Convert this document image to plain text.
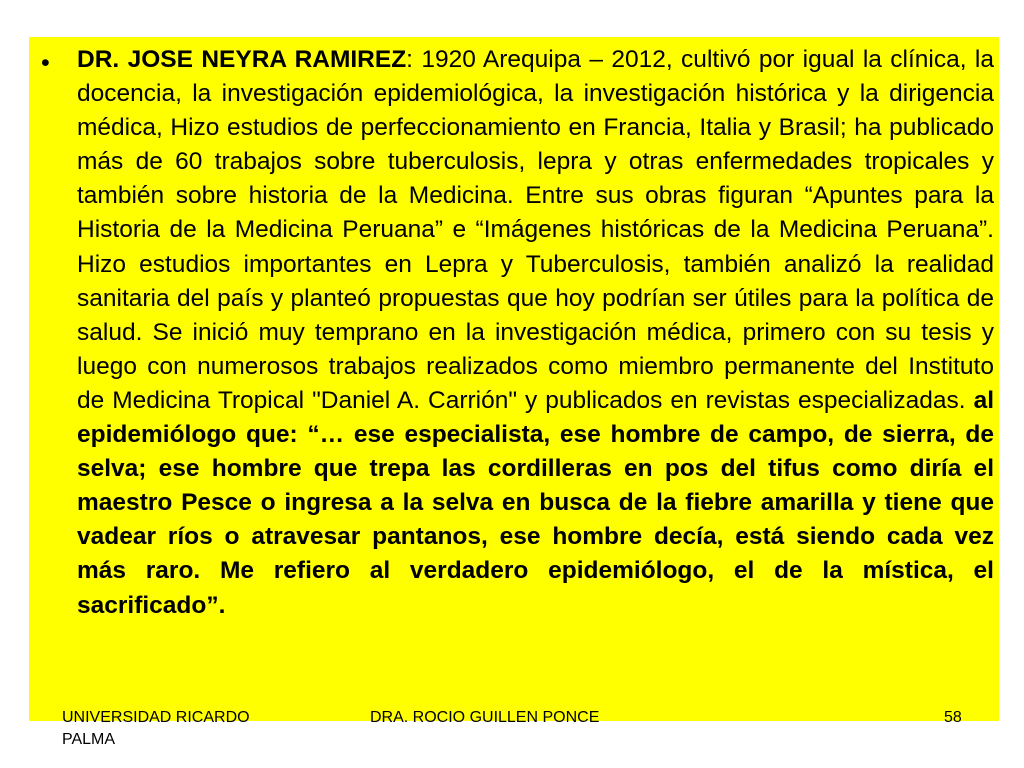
• DR. JOSE NEYRA RAMIREZ: 1920 Arequipa – 2012, cultivó por igual la clínica, la docencia, la investigación epidemiológica, la investigación histórica y la dirigencia médica, Hizo estudios de perfeccionamiento en Francia, Italia y Brasil; ha publicado más de 60 trabajos sobre tuberculosis, lepra y otras enfermedades tropicales y también sobre historia de la Medicina. Entre sus obras figuran “Apuntes para la Historia de la Medicina Peruana” e “Imágenes históricas de la Medicina Peruana”. Hizo estudios importantes en Lepra y Tuberculosis, también analizó la realidad sanitaria del país y planteó propuestas que hoy podrían ser útiles para la política de salud. Se inició muy temprano en la investigación médica, primero con su tesis y luego con numerosos trabajos realizados como miembro permanente del Instituto de Medicina Tropical "Daniel A. Carrión" y publicados en revistas especializadas. al epidemiólogo que: “… ese especialista, ese hombre de campo, de sierra, de selva; ese hombre que trepa las cordilleras en pos del tifus como diría el maestro Pesce o ingresa a la selva en busca de la fiebre amarilla y tiene que vadear ríos o atravesar pantanos, ese hombre decía, está siendo cada vez más raro. Me refiero al verdadero epidemiólogo, el de la mística, el sacrificado”.

UNIVERSIDAD RICARDO PALMA
DRA. ROCIO GUILLEN PONCE	58
